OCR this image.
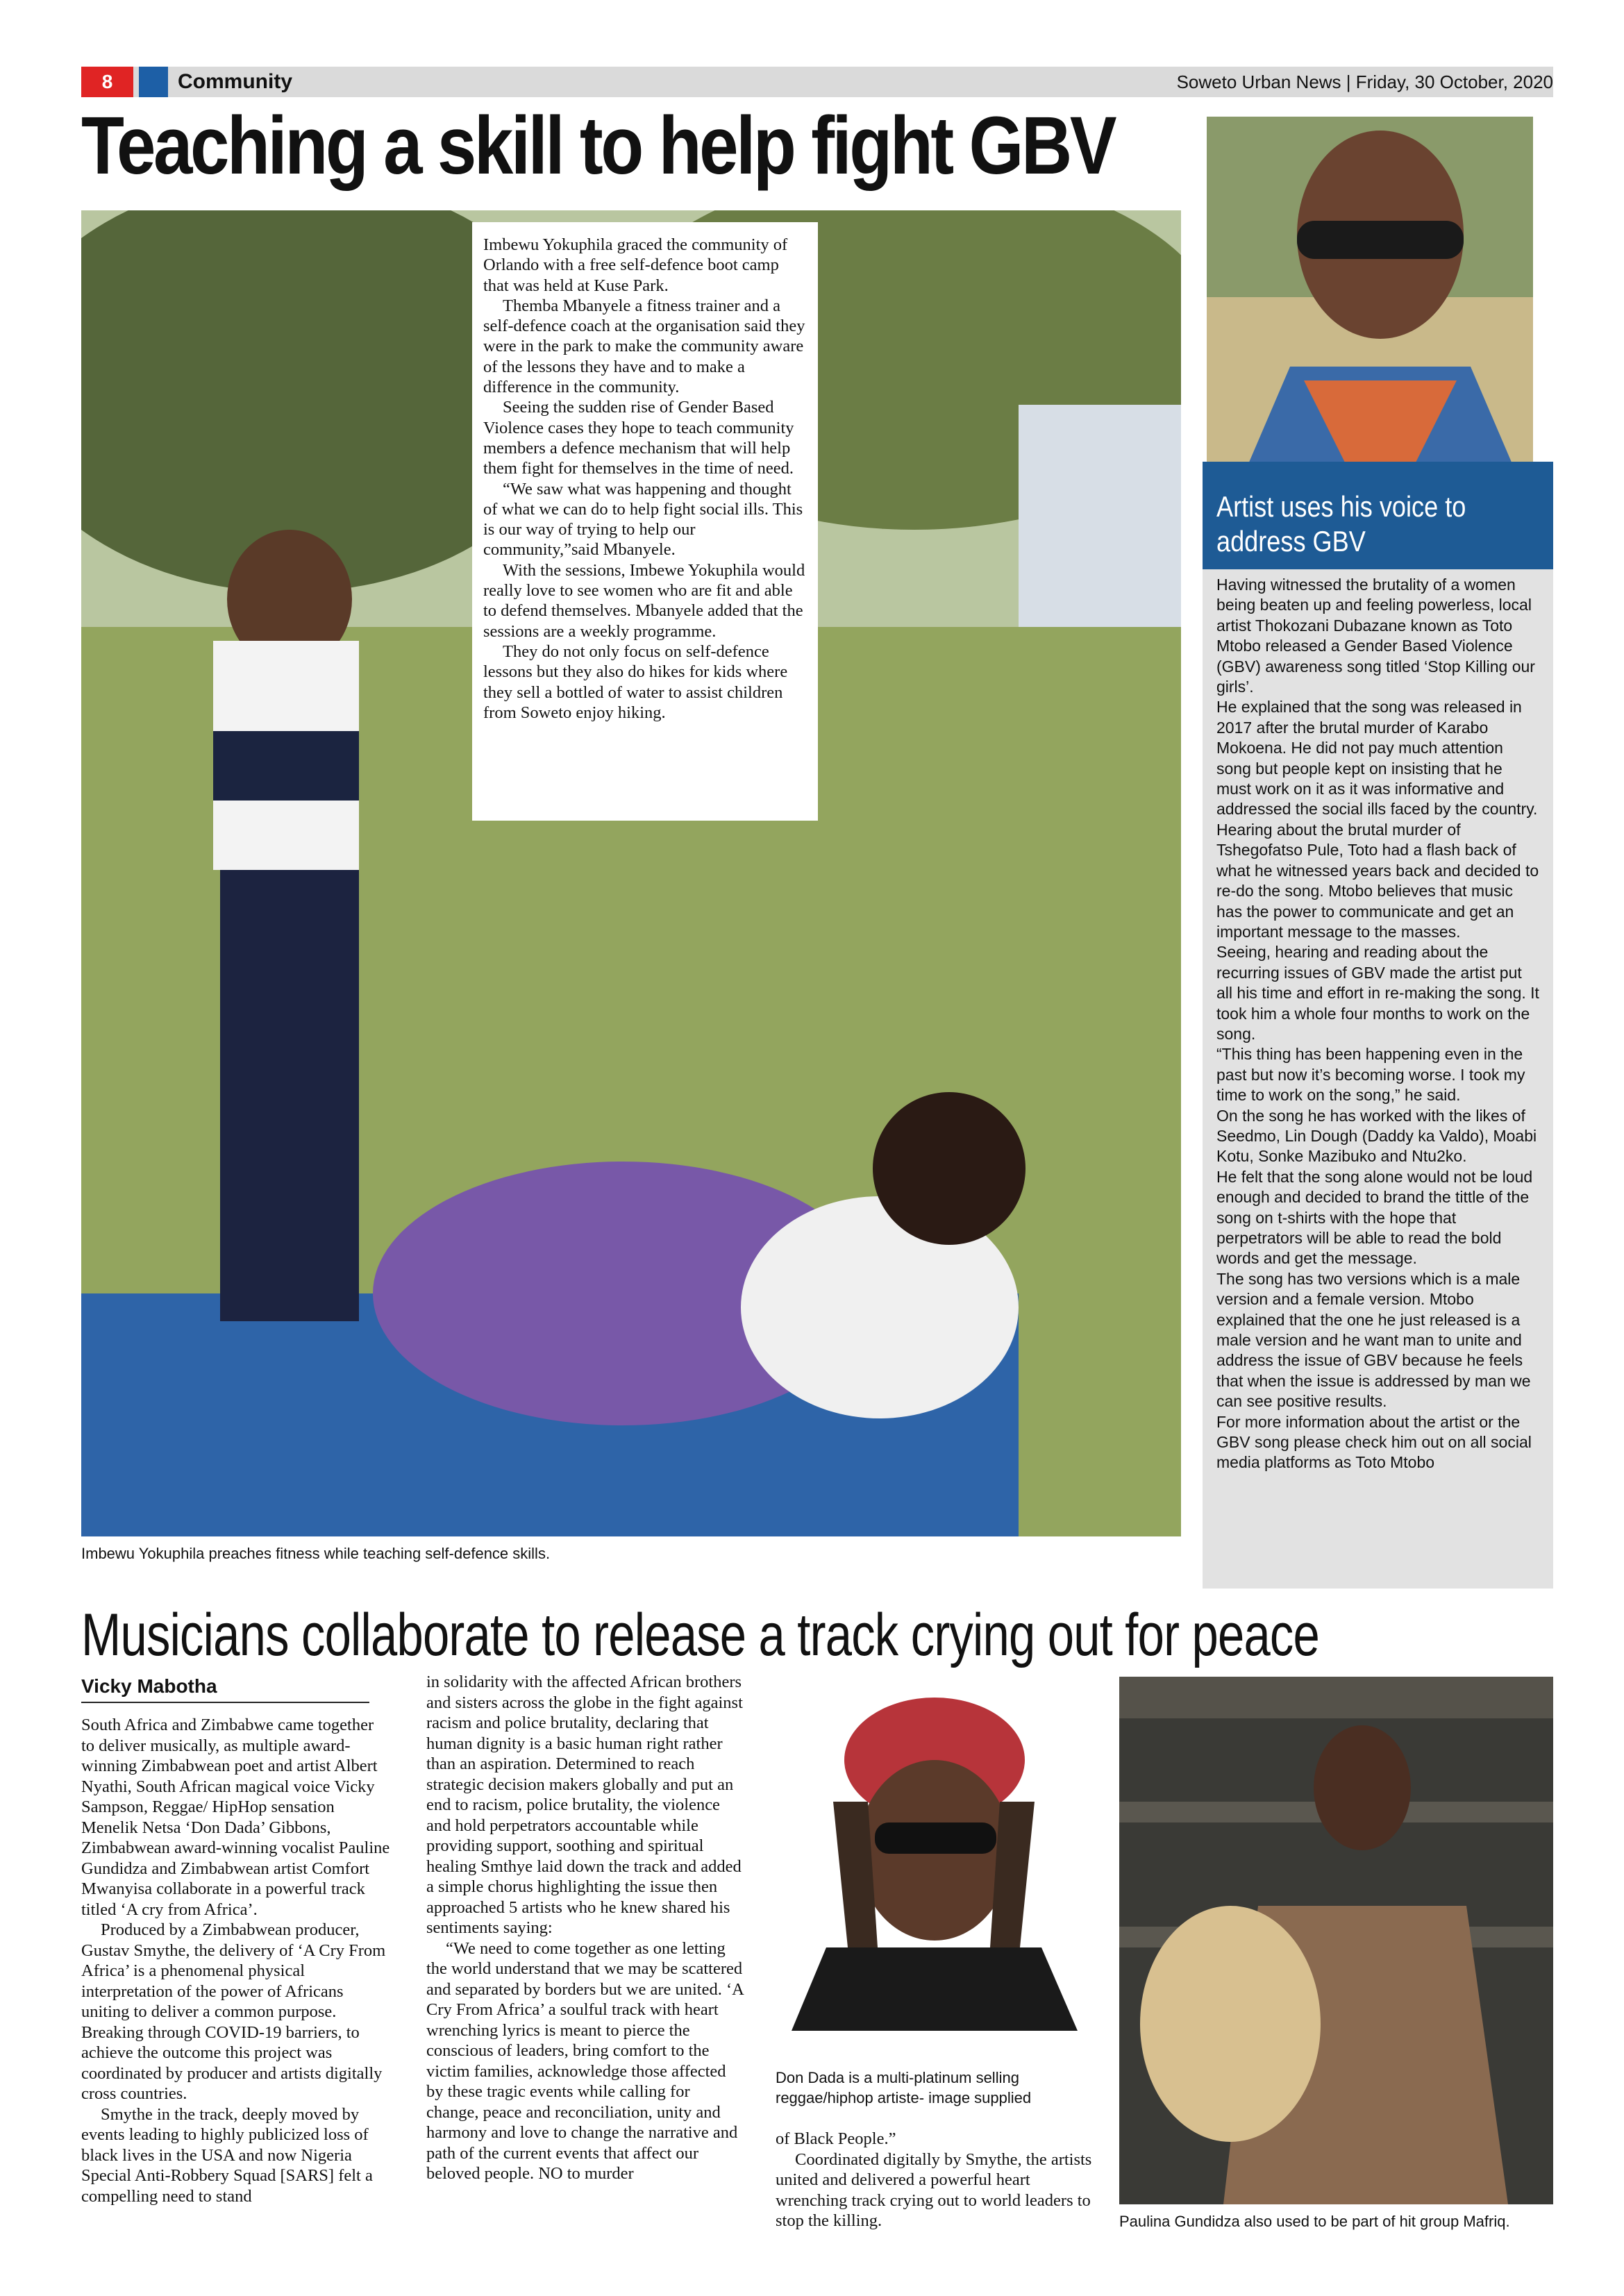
8	Community	Soweto Urban News | Friday, 30 October, 2020
Teaching a skill to help fight GBV

Imbewu Yokuphila graced the community of Orlando with a free self-defence boot camp that was held at Kuse Park.

Themba Mbanyele a fitness trainer and a self-defence coach at the organisation said they were in the park to make the community aware of the lessons they have and to make a difference in the community.

Seeing the sudden rise of Gender Based Violence cases they hope to teach community members a defence mechanism that will help them fight for themselves in the time of need.

“We saw what was happening and thought of what we can do to help fight social ills. This is our way of trying to help our community,”said Mbanyele.

With the sessions, Imbewe Yokuphila would really love to see women who are fit and able to defend themselves. Mbanyele added that the sessions are a weekly programme.

They do not only focus on self-defence lessons but they also do hikes for kids where they sell a bottled of water to assist children from Soweto enjoy hiking.

Imbewu Yokuphila preaches fitness while teaching self-defence skills.
Artist uses his voice to
address GBV

Having witnessed the brutality of a women being beaten up and feeling powerless, local artist Thokozani Dubazane known as Toto Mtobo released a Gender Based Violence (GBV) awareness song titled ‘Stop Killing our girls’.

He explained that the song was released in 2017 after the brutal murder of Karabo Mokoena. He did not pay much attention song but people kept on insisting that he must work on it as it was informative and addressed the social ills faced by the country.

Hearing about the brutal murder of Tshegofatso Pule, Toto had a flash back of what he witnessed years back and decided to re-do the song. Mtobo believes that music has the power to communicate and get an important message to the masses.

Seeing, hearing and reading about the recurring issues of GBV made the artist put all his time and effort in re-making the song. It took him a whole four months to work on the song.

“This thing has been happening even in the past but now it’s becoming worse. I took my time to work on the song,” he said.

On the song he has worked with the likes of Seedmo, Lin Dough (Daddy ka Valdo), Moabi Kotu, Sonke Mazibuko and Ntu2ko.

He felt that the song alone would not be loud enough and decided to brand the tittle of the song on t-shirts with the hope that perpetrators will be able to read the bold words and get the message.

The song has two versions which is a male version and a female version. Mtobo explained that the one he just released is a male version and he want man to unite and address the issue of GBV because he feels that when the issue is addressed by man we can see positive results.

For more information about the artist or the GBV song please check him out on all social media platforms as Toto Mtobo

Musicians collaborate to release a track crying out for peace
Vicky Mabotha

South Africa and Zimbabwe came together to deliver musically, as multiple award-winning Zimbabwean poet and artist Albert Nyathi, South African magical voice Vicky Sampson, Reggae/ HipHop sensation Menelik Netsa ‘Don Dada’ Gibbons, Zimbabwean award-winning vocalist Pauline Gundidza and Zimbabwean artist Comfort Mwanyisa collaborate in a powerful track titled ‘A cry from Africa’.

Produced by a Zimbabwean producer, Gustav Smythe, the delivery of ‘A Cry From Africa’ is a phenomenal physical interpretation of the power of Africans uniting to deliver a common purpose. Breaking through COVID-19 barriers, to achieve the outcome this project was coordinated by producer and artists digitally cross countries.

Smythe in the track, deeply moved by events leading to highly publicized loss of black lives in the USA and now Nigeria Special Anti-Robbery Squad [SARS] felt a compelling need to stand

in solidarity with the affected African brothers and sisters across the globe in the fight against racism and police brutality, declaring that human dignity is a basic human right rather than an aspiration. Determined to reach strategic decision makers globally and put an end to racism, police brutality, the violence and hold perpetrators accountable while providing support, soothing and spiritual healing Smthye laid down the track and added a simple chorus highlighting the issue then approached 5 artists who he knew shared his sentiments saying:

“We need to come together as one letting the world understand that we may be scattered and separated by borders but we are united. ‘A Cry From Africa’ a soulful track with heart wrenching lyrics is meant to pierce the conscious of leaders, bring comfort to the victim families, acknowledge those affected by these tragic events while calling for change, peace and reconciliation, unity and harmony and love to change the narrative and path of the current events that affect our beloved people. NO to murder

Don Dada is a multi-platinum selling reggae/hiphop artiste- image supplied

of Black People.”

Coordinated digitally by Smythe, the artists united and delivered a powerful heart wrenching track crying out to world leaders to stop the killing.	Paulina Gundidza also used to be part of hit group Mafriq.
